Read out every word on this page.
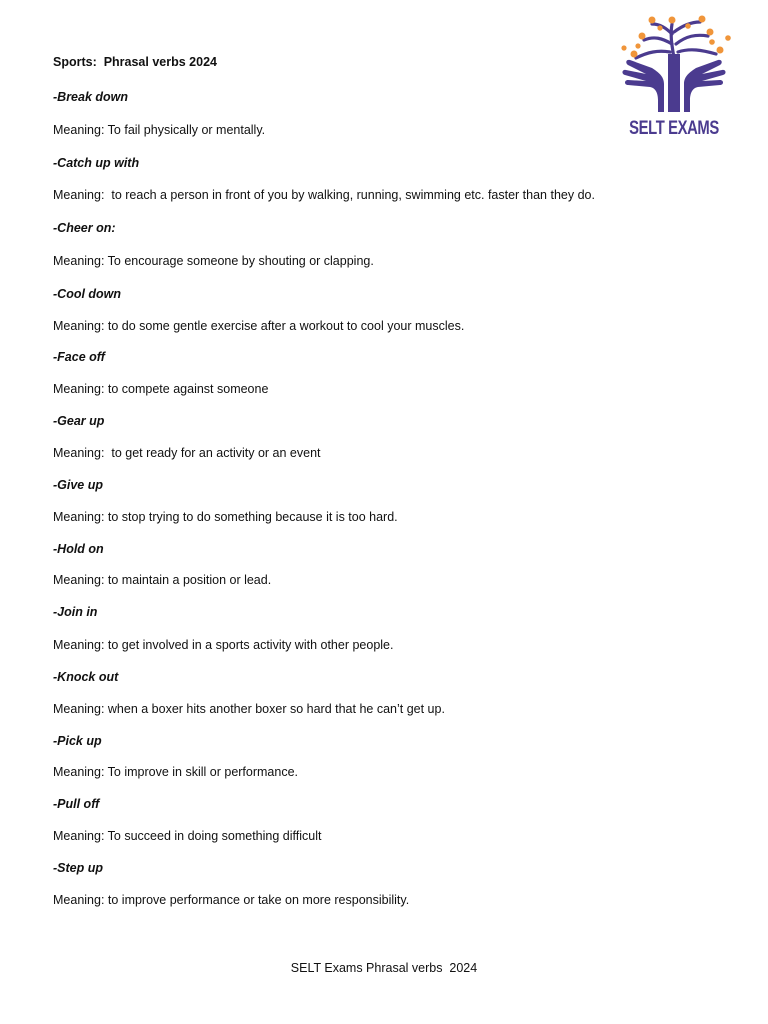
Sports:  Phrasal verbs 2024
SELT EXAMS
-Break down
Meaning: To fail physically or mentally.
-Catch up with
Meaning:  to reach a person in front of you by walking, running, swimming etc. faster than they do.
-Cheer on:
Meaning: To encourage someone by shouting or clapping.
-Cool down
Meaning: to do some gentle exercise after a workout to cool your muscles.
-Face off
Meaning: to compete against someone
-Gear up
Meaning:  to get ready for an activity or an event
-Give up
Meaning: to stop trying to do something because it is too hard.
-Hold on
Meaning: to maintain a position or lead.
-Join in
Meaning: to get involved in a sports activity with other people.
-Knock out
Meaning: when a boxer hits another boxer so hard that he can’t get up.
-Pick up
Meaning: To improve in skill or performance.
-Pull off
Meaning: To succeed in doing something difficult
-Step up
Meaning: to improve performance or take on more responsibility.
SELT Exams Phrasal verbs  2024
